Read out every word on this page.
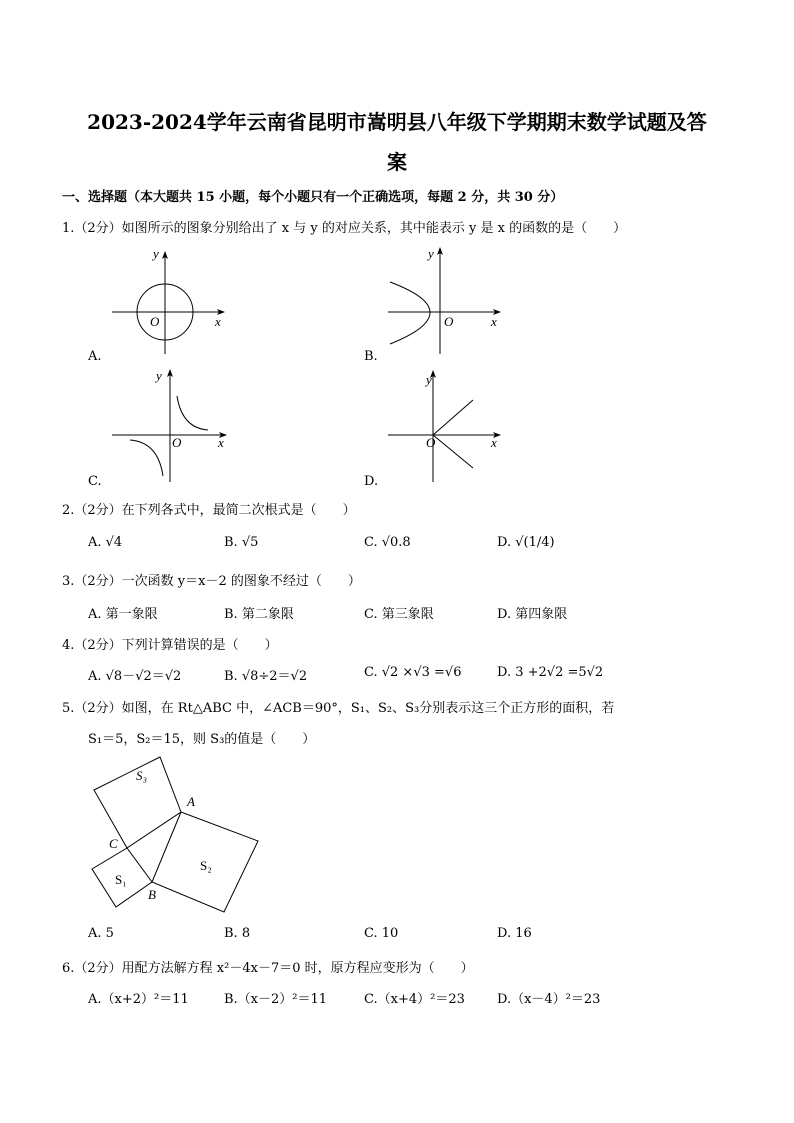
2023-2024学年云南省昆明市嵩明县八年级下学期期末数学试题及答
案
一、选择题（本大题共 15 小题，每个小题只有一个正确选项，每题 2 分，共 30 分）
1.（2分）如图所示的图象分别给出了 x 与 y 的对应关系，其中能表示 y 是 x 的函数的是（　　）
y
O	x
y
O	x
y
O	x
y
O	x
A.	B.
C.	D.
2.（2分）在下列各式中，最简二次根式是（　　）
A. √4	B. √5	C. √0.8	D. √(1/4)
3.（2分）一次函数 y＝x－2 的图象不经过（　　）
A. 第一象限	B. 第二象限	C. 第三象限	D. 第四象限
4.（2分）下列计算错误的是（　　）
A. √8－√2＝√2	B. √8÷2＝√2	C. √2 ×√3 =√6	D. 3 +2√2 =5√2
5.（2分）如图，在 Rt△ABC 中，∠ACB＝90°，S₁、S₂、S₃分别表示这三个正方形的面积，若
S₁＝5，S₂＝15，则 S₃的值是（　　）
S₃
S₂
S₁
A
C
B
A. 5	B. 8	C. 10	D. 16
6.（2分）用配方法解方程 x²－4x－7＝0 时，原方程应变形为（　　）
A.（x+2）²＝11	B.（x－2）²＝11	C.（x+4）²＝23 D.（x－4）²＝23
